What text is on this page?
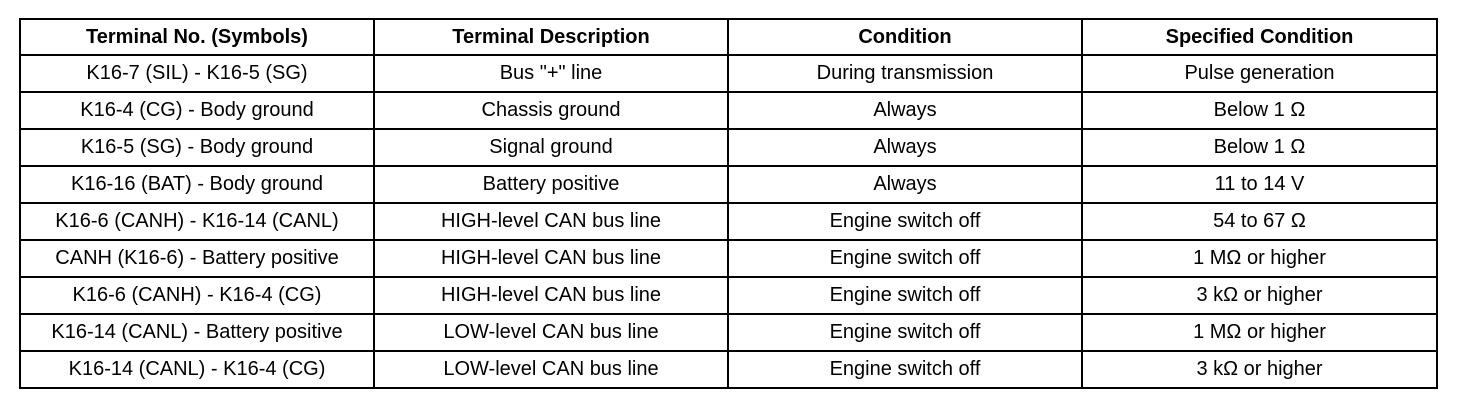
Terminal No. (Symbols)	Terminal Description	Condition	Specified Condition
K16-7 (SIL) - K16-5 (SG)	Bus "+" line	During transmission	Pulse generation
K16-4 (CG) - Body ground	Chassis ground	Always	Below 1 Ω
K16-5 (SG) - Body ground	Signal ground	Always	Below 1 Ω
K16-16 (BAT) - Body ground	Battery positive	Always	11 to 14 V
K16-6 (CANH) - K16-14 (CANL)	HIGH-level CAN bus line	Engine switch off	54 to 67 Ω
CANH (K16-6) - Battery positive	HIGH-level CAN bus line	Engine switch off	1 MΩ or higher
K16-6 (CANH) - K16-4 (CG)	HIGH-level CAN bus line	Engine switch off	3 kΩ or higher
K16-14 (CANL) - Battery positive	LOW-level CAN bus line	Engine switch off	1 MΩ or higher
K16-14 (CANL) - K16-4 (CG)	LOW-level CAN bus line	Engine switch off	3 kΩ or higher
